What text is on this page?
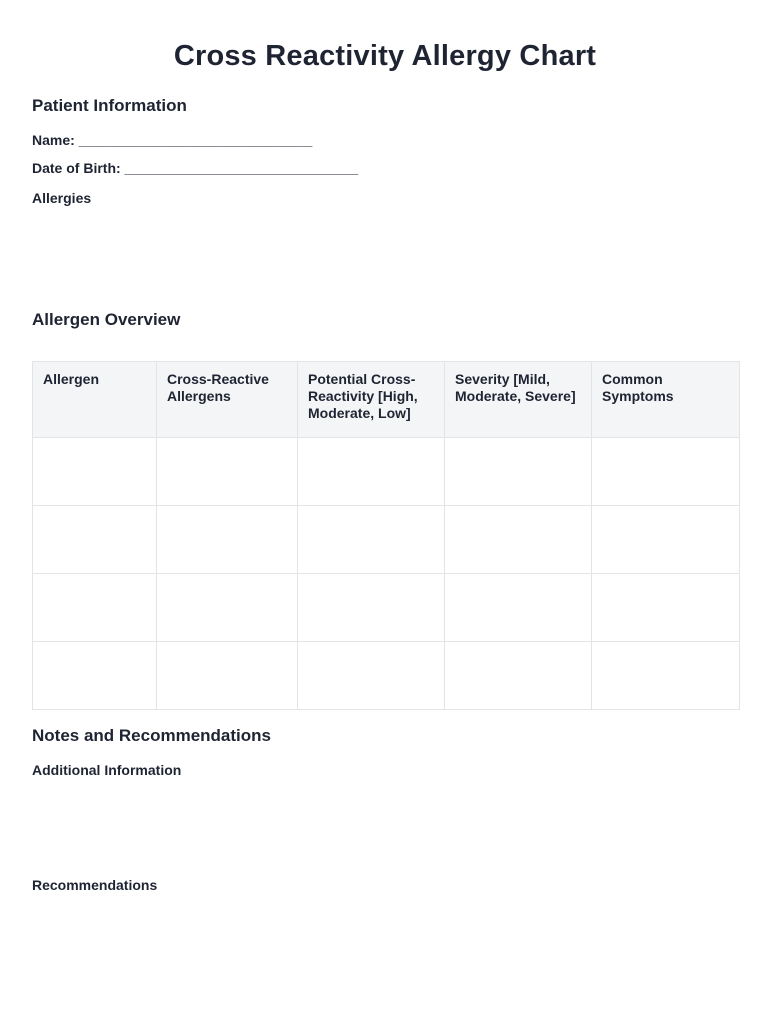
Cross Reactivity Allergy Chart
Patient Information
Name: ______________________________
Date of Birth: ______________________________
Allergies
Allergen Overview
Allergen	Cross-Reactive Allergens	Potential Cross-Reactivity [High, Moderate, Low]	Severity [Mild, Moderate, Severe]	Common Symptoms

Notes and Recommendations
Additional Information
Recommendations
